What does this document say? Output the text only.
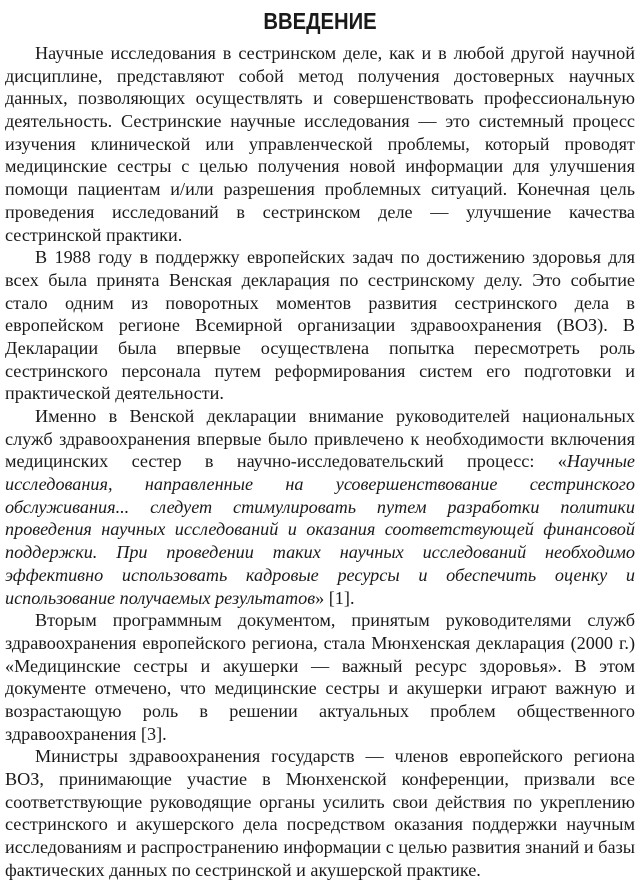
ВВЕДЕНИЕ

Научные исследования в сестринском деле, как и в любой другой научной дисциплине, представляют собой метод получения достоверных научных данных, позволяющих осуществлять и совершенствовать профессиональную деятельность. Сестринские научные исследования — это системный процесс изучения клинической или управленческой проблемы, который проводят медицинские сестры с целью получения новой информации для улучшения помощи пациентам и/или разрешения проблемных ситуаций. Конечная цель проведения исследований в сестринском деле — улучшение качества сестринской практики.

В 1988 году в поддержку европейских задач по достижению здоровья для всех была принята Венская декларация по сестринскому делу. Это событие стало одним из поворотных моментов развития сестринского дела в европейском регионе Всемирной организации здравоохранения (ВОЗ). В Декларации была впервые осуществлена попытка пересмотреть роль сестринского персонала путем реформирования систем его подготовки и практической деятельности.

Именно в Венской декларации внимание руководителей национальных служб здравоохранения впервые было привлечено к необходимости включения медицинских сестер в научно-исследовательский процесс: «Научные исследования, направленные на усовершенствование сестринского обслуживания... следует стимулировать путем разработки политики проведения научных исследований и оказания соответствующей финансовой поддержки. При проведении таких научных исследований необходимо эффективно использовать кадровые ресурсы и обеспечить оценку и использование получаемых результатов» [1].

Вторым программным документом, принятым руководителями служб здравоохранения европейского региона, стала Мюнхенская декларация (2000 г.) «Медицинские сестры и акушерки — важный ресурс здоровья». В этом документе отмечено, что медицинские сестры и акушерки играют важную и возрастающую роль в решении актуальных проблем общественного здравоохранения [3].

Министры здравоохранения государств — членов европейского региона ВОЗ, принимающие участие в Мюнхенской конференции, призвали все соответствующие руководящие органы усилить свои действия по укреплению сестринского и акушерского дела посредством оказания поддержки научным исследованиям и распространению информации с целью развития знаний и базы фактических данных по сестринской и акушерской практике.
